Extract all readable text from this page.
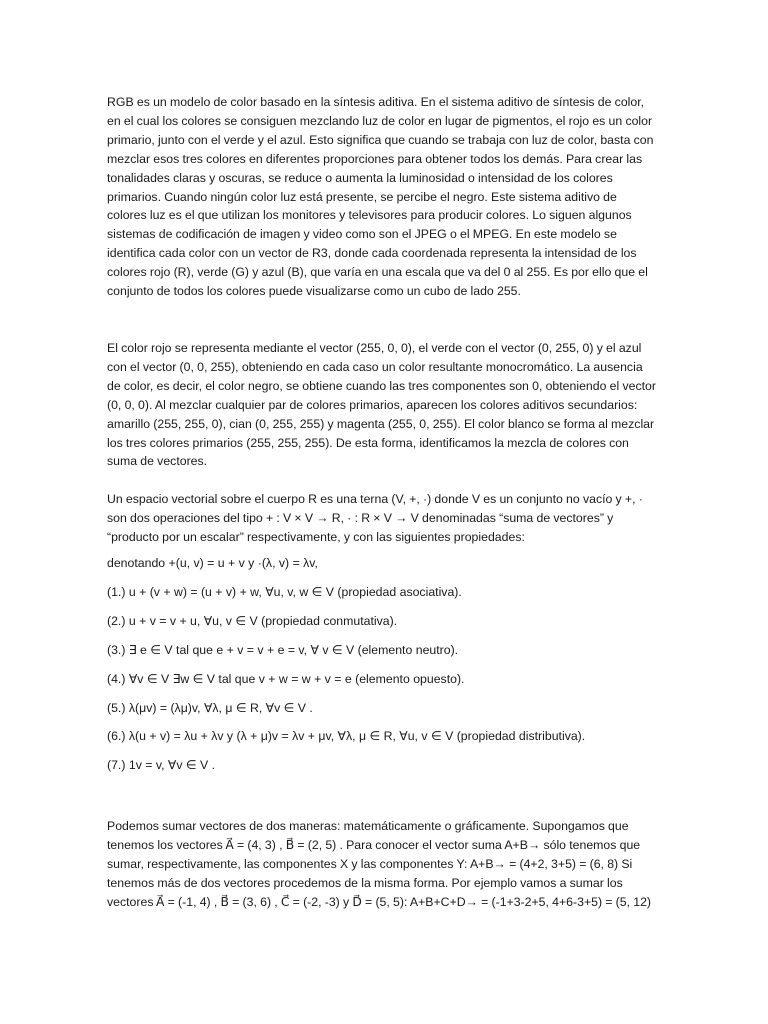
RGB es un modelo de color basado en la síntesis aditiva. En el sistema aditivo de síntesis de color, en el cual los colores se consiguen mezclando luz de color en lugar de pigmentos, el rojo es un color primario, junto con el verde y el azul. Esto significa que cuando se trabaja con luz de color, basta con mezclar esos tres colores en diferentes proporciones para obtener todos los demás. Para crear las tonalidades claras y oscuras, se reduce o aumenta la luminosidad o intensidad de los colores primarios. Cuando ningún color luz está presente, se percibe el negro. Este sistema aditivo de colores luz es el que utilizan los monitores y televisores para producir colores. Lo siguen algunos sistemas de codificación de imagen y video como son el JPEG o el MPEG. En este modelo se identifica cada color con un vector de R3, donde cada coordenada representa la intensidad de los colores rojo (R), verde (G) y azul (B), que varía en una escala que va del 0 al 255. Es por ello que el conjunto de todos los colores puede visualizarse como un cubo de lado 255.

El color rojo se representa mediante el vector (255, 0, 0), el verde con el vector (0, 255, 0) y el azul con el vector (0, 0, 255), obteniendo en cada caso un color resultante monocromático. La ausencia de color, es decir, el color negro, se obtiene cuando las tres componentes son 0, obteniendo el vector (0, 0, 0). Al mezclar cualquier par de colores primarios, aparecen los colores aditivos secundarios: amarillo (255, 255, 0), cian (0, 255, 255) y magenta (255, 0, 255). El color blanco se forma al mezclar los tres colores primarios (255, 255, 255). De esta forma, identificamos la mezcla de colores con suma de vectores.

Un espacio vectorial sobre el cuerpo R es una terna (V, +, ·) donde V es un conjunto no vacío y +, · son dos operaciones del tipo + : V × V → R, · : R × V → V denominadas “suma de vectores” y “producto por un escalar” respectivamente, y con las siguientes propiedades:

denotando +(u, v) = u + v y ·(λ, v) = λv,

(1.) u + (v + w) = (u + v) + w, ∀u, v, w ∈ V (propiedad asociativa).

(2.) u + v = v + u, ∀u, v ∈ V (propiedad conmutativa).

(3.) ∃ e ∈ V tal que e + v = v + e = v, ∀ v ∈ V (elemento neutro).

(4.) ∀v ∈ V ∃w ∈ V tal que v + w = w + v = e (elemento opuesto).

(5.) λ(μv) = (λμ)v, ∀λ, μ ∈ R, ∀v ∈ V .

(6.) λ(u + v) = λu + λv y (λ + μ)v = λv + μv, ∀λ, μ ∈ R, ∀u, v ∈ V (propiedad distributiva).

(7.) 1v = v, ∀v ∈ V .

Podemos sumar vectores de dos maneras: matemáticamente o gráficamente. Supongamos que tenemos los vectores A⃗ = (4, 3) , B⃗ = (2, 5) . Para conocer el vector suma A+B→ sólo tenemos que sumar, respectivamente, las componentes X y las componentes Y: A+B→ = (4+2, 3+5) = (6, 8) Si tenemos más de dos vectores procedemos de la misma forma. Por ejemplo vamos a sumar los vectores A⃗ = (-1, 4) , B⃗ = (3, 6) , C⃗ = (-2, -3) y D⃗ = (5, 5): A+B+C+D→ = (-1+3-2+5, 4+6-3+5) = (5, 12)
